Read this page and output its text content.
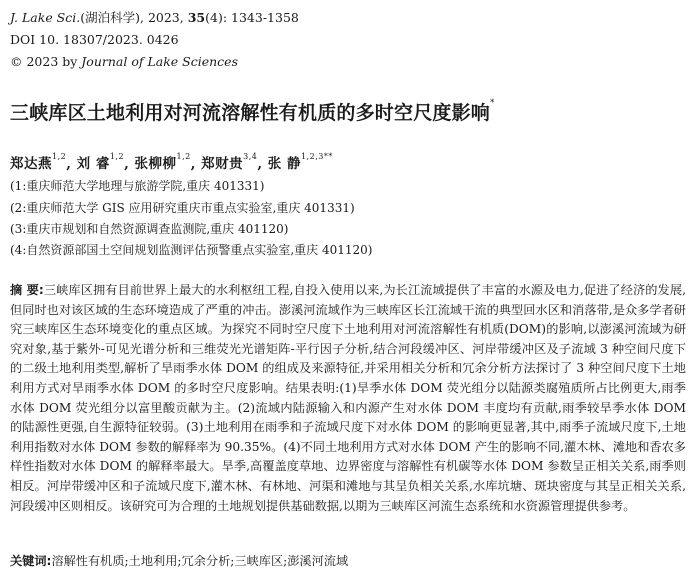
J. Lake Sci.(湖泊科学), 2023, 35(4): 1343-1358
DOI 10. 18307/2023. 0426
© 2023 by Journal of Lake Sciences
三峡库区土地利用对河流溶解性有机质的多时空尺度影响*
郑达燕$^{1,2}$, 刘 睿$^{1,2}$, 张柳柳$^{1,2}$, 郑财贵$^{3,4}$, 张 静$^{1,2,3**}$
(1:重庆师范大学地理与旅游学院,重庆 401331)
(2:重庆师范大学 GIS 应用研究重庆市重点实验室,重庆 401331)
(3:重庆市规划和自然资源调查监测院,重庆 401120)
(4:自然资源部国土空间规划监测评估预警重点实验室,重庆 401120)
摘 要:三峡库区拥有目前世界上最大的水利枢纽工程,自投入使用以来,为长江流域提供了丰富的水源及电力,促进了经济的发展,但同时也对该区域的生态环境造成了严重的冲击。澎溪河流域作为三峡库区长江流域干流的典型回水区和消落带,是众多学者研究三峡库区生态环境变化的重点区域。为探究不同时空尺度下土地利用对河流溶解性有机质(DOM)的影响,以澎溪河流域为研究对象,基于紫外-可见光谱分析和三维荧光光谱矩阵-平行因子分析,结合河段缓冲区、河岸带缓冲区及子流域 3 种空间尺度下的二级土地利用类型,解析了旱雨季水体 DOM 的组成及来源特征,并采用相关分析和冗余分析方法探讨了 3 种空间尺度下土地利用方式对旱雨季水体 DOM 的多时空尺度影响。结果表明:(1)旱季水体 DOM 荧光组分以陆源类腐殖质所占比例更大,雨季水体 DOM 荧光组分以富里酸贡献为主。(2)流域内陆源输入和内源产生对水体 DOM 丰度均有贡献,雨季较旱季水体 DOM 的陆源性更强,自生源特征较弱。(3)土地利用在雨季和子流域尺度下对水体 DOM 的影响更显著,其中,雨季子流域尺度下,土地利用指数对水体 DOM 参数的解释率为 90.35%。(4)不同土地利用方式对水体 DOM 产生的影响不同,灌木林、滩地和香农多样性指数对水体 DOM 的解释率最大。旱季,高覆盖度草地、边界密度与溶解性有机碳等水体 DOM 参数呈正相关关系,雨季则相反。河岸带缓冲区和子流域尺度下,灌木林、有林地、河渠和滩地与其呈负相关关系,水库坑塘、斑块密度与其呈正相关关系,河段缓冲区则相反。该研究可为合理的土地规划提供基础数据,以期为三峡库区河流生态系统和水资源管理提供参考。
关键词:溶解性有机质;土地利用;冗余分析;三峡库区;澎溪河流域
